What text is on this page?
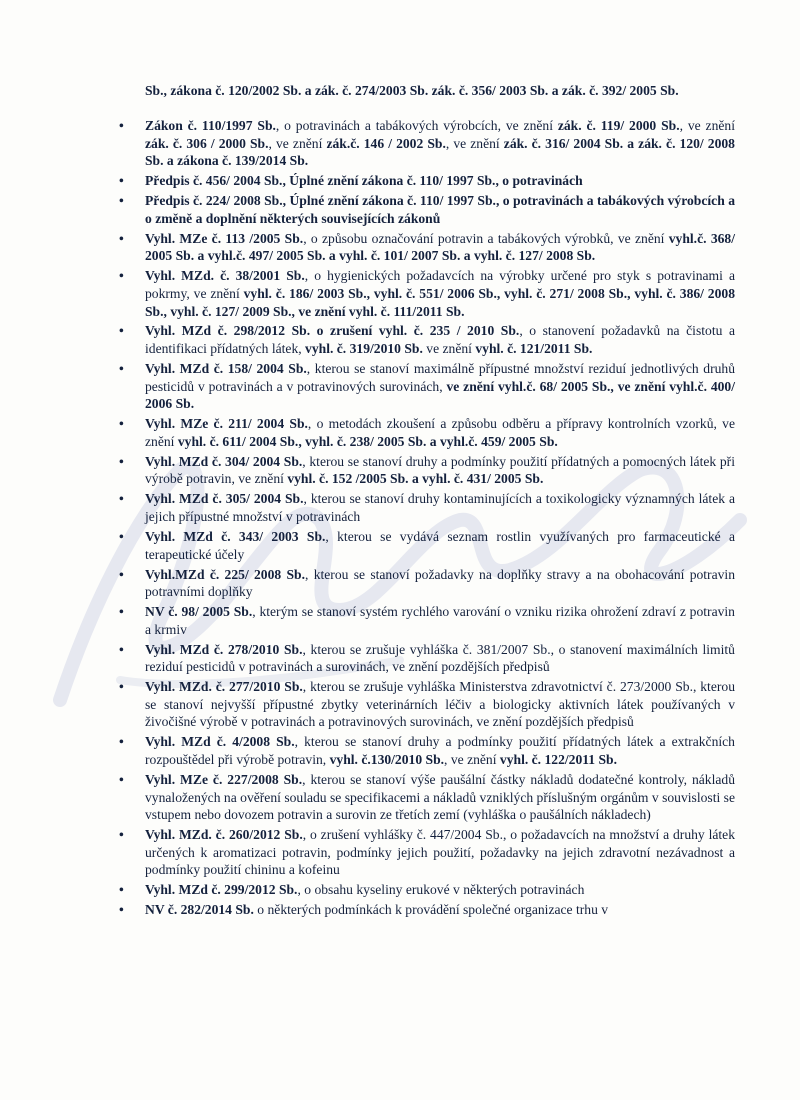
Sb., zákona č. 120/2002 Sb. a zák. č. 274/2003 Sb. zák. č. 356/ 2003 Sb. a zák. č. 392/ 2005 Sb.
• Zákon č. 110/1997 Sb., o potravinách a tabákových výrobcích, ve znění zák. č. 119/ 2000 Sb., ve znění zák. č. 306 / 2000 Sb., ve znění zák.č. 146 / 2002 Sb., ve znění zák. č. 316/ 2004 Sb. a zák. č. 120/ 2008 Sb. a zákona č. 139/2014 Sb.
• Předpis č. 456/ 2004 Sb., Úplné znění zákona č. 110/ 1997 Sb., o potravinách
• Předpis č. 224/ 2008 Sb., Úplné znění zákona č. 110/ 1997 Sb., o potravinách a tabákových výrobcích a o změně a doplnění některých souvisejících zákonů
• Vyhl. MZe č. 113 /2005 Sb., o způsobu označování potravin a tabákových výrobků, ve znění vyhl.č. 368/ 2005 Sb. a vyhl.č. 497/ 2005 Sb. a vyhl. č. 101/ 2007 Sb. a vyhl. č. 127/ 2008 Sb.
• Vyhl. MZd. č. 38/2001 Sb., o hygienických požadavcích na výrobky určené pro styk s potravinami a pokrmy, ve znění vyhl. č. 186/ 2003 Sb., vyhl. č. 551/ 2006 Sb., vyhl. č. 271/ 2008 Sb., vyhl. č. 386/ 2008 Sb., vyhl. č. 127/ 2009 Sb., ve znění vyhl. č. 111/2011 Sb.
• Vyhl. MZd č. 298/2012 Sb. o zrušení vyhl. č. 235 / 2010 Sb., o stanovení požadavků na čistotu a identifikaci přídatných látek, vyhl. č. 319/2010 Sb. ve znění vyhl. č. 121/2011 Sb.
• Vyhl. MZd č. 158/ 2004 Sb., kterou se stanoví maximálně přípustné množství reziduí jednotlivých druhů pesticidů v potravinách a v potravinových surovinách, ve znění vyhl.č. 68/ 2005 Sb., ve znění vyhl.č. 400/ 2006 Sb.
• Vyhl. MZe č. 211/ 2004 Sb., o metodách zkoušení a způsobu odběru a přípravy kontrolních vzorků, ve znění vyhl. č. 611/ 2004 Sb., vyhl. č. 238/ 2005 Sb. a vyhl.č. 459/ 2005 Sb.
• Vyhl. MZd č. 304/ 2004 Sb., kterou se stanoví druhy a podmínky použití přídatných a pomocných látek při výrobě potravin, ve znění vyhl. č. 152 /2005 Sb. a vyhl. č. 431/ 2005 Sb.
• Vyhl. MZd č. 305/ 2004 Sb., kterou se stanoví druhy kontaminujících a toxikologicky významných látek a jejich přípustné množství v potravinách
• Vyhl. MZd č. 343/ 2003 Sb., kterou se vydává seznam rostlin využívaných pro farmaceutické a terapeutické účely
• Vyhl.MZd č. 225/ 2008 Sb., kterou se stanoví požadavky na doplňky stravy a na obohacování potravin potravními doplňky
• NV č. 98/ 2005 Sb., kterým se stanoví systém rychlého varování o vzniku rizika ohrožení zdraví z potravin a krmiv
• Vyhl. MZd č. 278/2010 Sb., kterou se zrušuje vyhláška č. 381/2007 Sb., o stanovení maximálních limitů reziduí pesticidů v potravinách a surovinách, ve znění pozdějších předpisů
• Vyhl. MZd. č. 277/2010 Sb., kterou se zrušuje vyhláška Ministerstva zdravotnictví č. 273/2000 Sb., kterou se stanoví nejvyšší přípustné zbytky veterinárních léčiv a biologicky aktivních látek používaných v živočišné výrobě v potravinách a potravinových surovinách, ve znění pozdějších předpisů
• Vyhl. MZd č. 4/2008 Sb., kterou se stanoví druhy a podmínky použití přídatných látek a extrakčních rozpouštědel při výrobě potravin, vyhl. č.130/2010 Sb., ve znění vyhl. č. 122/2011 Sb.
• Vyhl. MZe č. 227/2008 Sb., kterou se stanoví výše paušální částky nákladů dodatečné kontroly, nákladů vynaložených na ověření souladu se specifikacemi a nákladů vzniklých příslušným orgánům v souvislosti se vstupem nebo dovozem potravin a surovin ze třetích zemí (vyhláška o paušálních nákladech)
• Vyhl. MZd. č. 260/2012 Sb., o zrušení vyhlášky č. 447/2004 Sb., o požadavcích na množství a druhy látek určených k aromatizaci potravin, podmínky jejich použití, požadavky na jejich zdravotní nezávadnost a podmínky použití chininu a kofeinu
• Vyhl. MZd č. 299/2012 Sb., o obsahu kyseliny erukové v některých potravinách
• NV č. 282/2014 Sb. o některých podmínkách k provádění společné organizace trhu v
